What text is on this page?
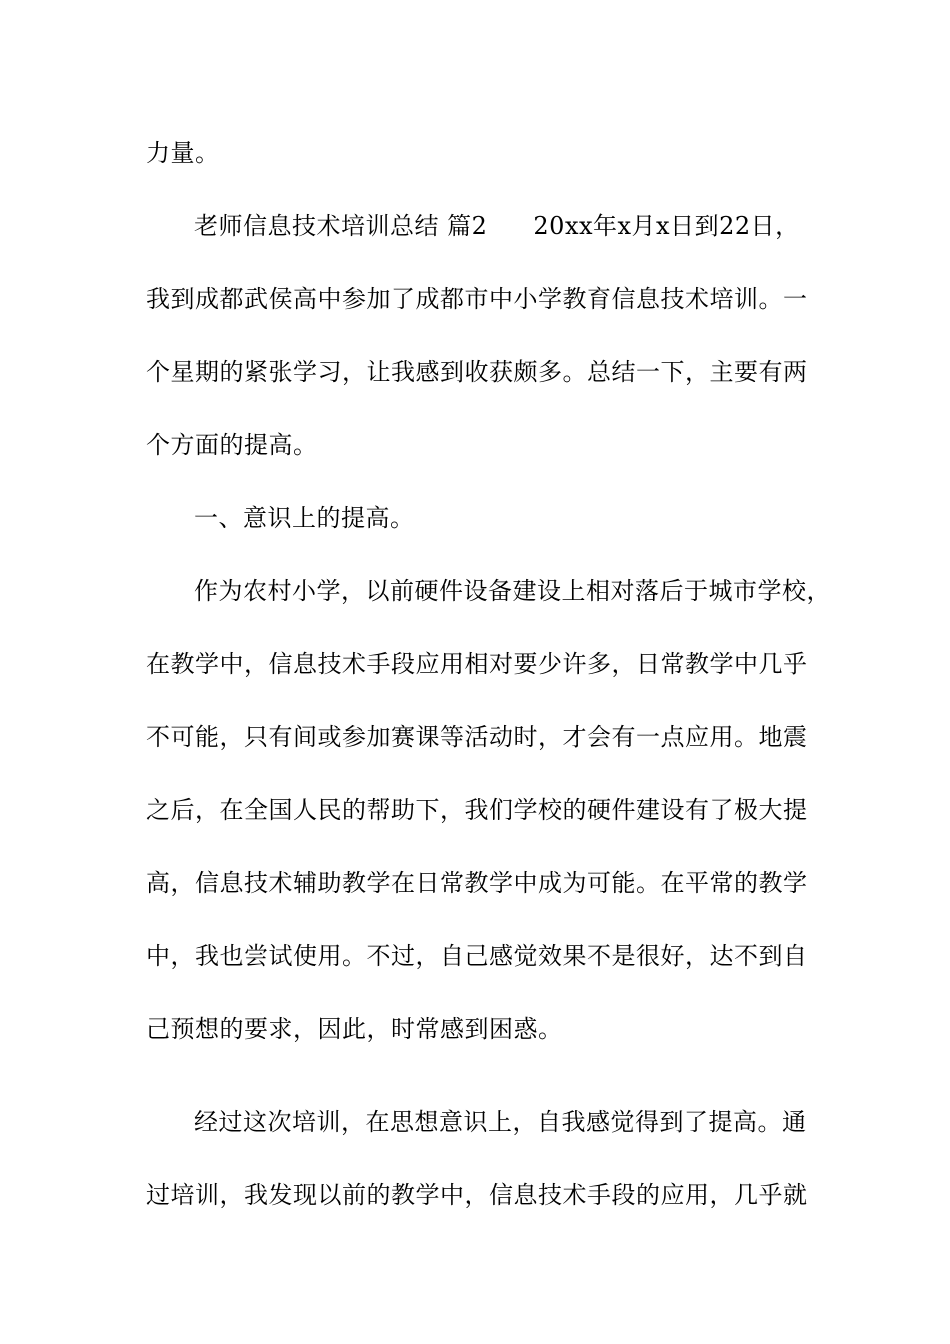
力量。
老师信息技术培训总结 篇2 20xx年x月x日到22日，
我到成都武侯高中参加了成都市中小学教育信息技术培训。一
个星期的紧张学习，让我感到收获颇多。总结一下，主要有两
个方面的提高。
一、意识上的提高。
作为农村小学，以前硬件设备建设上相对落后于城市学校，
在教学中，信息技术手段应用相对要少许多，日常教学中几乎
不可能，只有间或参加赛课等活动时，才会有一点应用。地震
之后，在全国人民的帮助下，我们学校的硬件建设有了极大提
高，信息技术辅助教学在日常教学中成为可能。在平常的教学
中，我也尝试使用。不过，自己感觉效果不是很好，达不到自
己预想的要求，因此，时常感到困惑。
经过这次培训，在思想意识上，自我感觉得到了提高。通
过培训，我发现以前的教学中，信息技术手段的应用，几乎就
